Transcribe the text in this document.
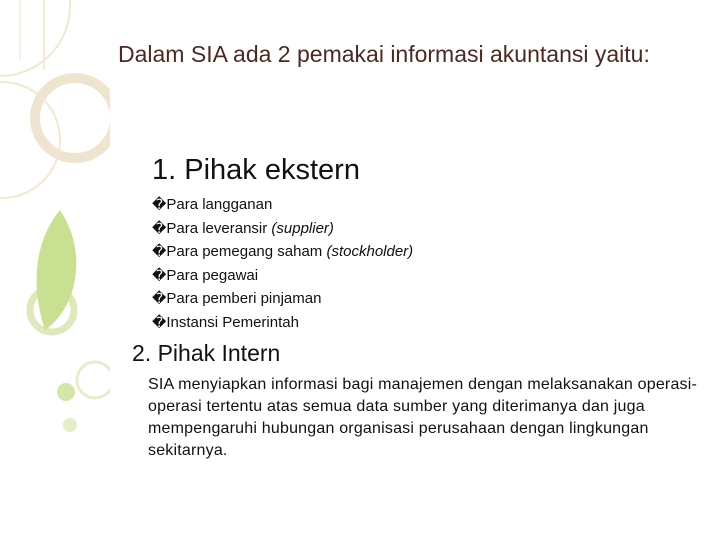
Dalam SIA ada 2 pemakai informasi akuntansi yaitu:
1. Pihak ekstern
�Para langganan
�Para leveransir (supplier)
�Para pemegang saham (stockholder)
�Para pegawai
�Para pemberi pinjaman
�Instansi Pemerintah
2. Pihak Intern

SIA menyiapkan informasi bagi manajemen dengan melaksanakan operasi-operasi tertentu atas semua data sumber yang diterimanya dan juga mempengaruhi hubungan organisasi perusahaan dengan lingkungan sekitarnya.
